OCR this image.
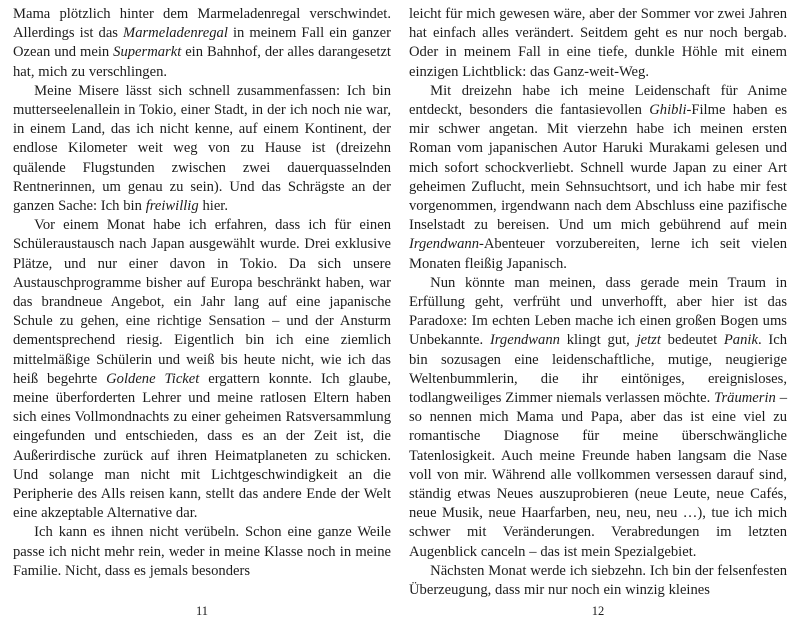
Mama plötzlich hinter dem Marmeladenregal verschwindet. Allerdings ist das Marmeladenregal in meinem Fall ein ganzer Ozean und mein Supermarkt ein Bahnhof, der alles darangesetzt hat, mich zu verschlingen.

Meine Misere lässt sich schnell zusammenfassen: Ich bin mutterseelenallein in Tokio, einer Stadt, in der ich noch nie war, in einem Land, das ich nicht kenne, auf einem Kontinent, der endlose Kilometer weit weg von zu Hause ist (dreizehn quälende Flugstunden zwischen zwei dauerquasselnden Rentnerinnen, um genau zu sein). Und das Schrägste an der ganzen Sache: Ich bin freiwillig hier.

Vor einem Monat habe ich erfahren, dass ich für einen Schüleraustausch nach Japan ausgewählt wurde. Drei exklusive Plätze, und nur einer davon in Tokio. Da sich unsere Austauschprogramme bisher auf Europa beschränkt haben, war das brandneue Angebot, ein Jahr lang auf eine japanische Schule zu gehen, eine richtige Sensation – und der Ansturm dementsprechend riesig. Eigentlich bin ich eine ziemlich mittelmäßige Schülerin und weiß bis heute nicht, wie ich das heiß begehrte Goldene Ticket ergattern konnte. Ich glaube, meine überforderten Lehrer und meine ratlosen Eltern haben sich eines Vollmondnachts zu einer geheimen Ratsversammlung eingefunden und entschieden, dass es an der Zeit ist, die Außerirdische zurück auf ihren Heimatplaneten zu schicken. Und solange man nicht mit Lichtgeschwindigkeit an die Peripherie des Alls reisen kann, stellt das andere Ende der Welt eine akzeptable Alternative dar.

Ich kann es ihnen nicht verübeln. Schon eine ganze Weile passe ich nicht mehr rein, weder in meine Klasse noch in meine Familie. Nicht, dass es jemals besonders

11

leicht für mich gewesen wäre, aber der Sommer vor zwei Jahren hat einfach alles verändert. Seitdem geht es nur noch bergab. Oder in meinem Fall in eine tiefe, dunkle Höhle mit einem einzigen Lichtblick: das Ganz-weit-Weg.

Mit dreizehn habe ich meine Leidenschaft für Anime entdeckt, besonders die fantasievollen Ghibli-Filme haben es mir schwer angetan. Mit vierzehn habe ich meinen ersten Roman vom japanischen Autor Haruki Murakami gelesen und mich sofort schockverliebt. Schnell wurde Japan zu einer Art geheimen Zuflucht, mein Sehnsuchtsort, und ich habe mir fest vorgenommen, irgendwann nach dem Abschluss eine pazifische Inselstadt zu bereisen. Und um mich gebührend auf mein Irgendwann-Abenteuer vorzubereiten, lerne ich seit vielen Monaten fleißig Japanisch.

Nun könnte man meinen, dass gerade mein Traum in Erfüllung geht, verfrüht und unverhofft, aber hier ist das Paradoxe: Im echten Leben mache ich einen großen Bogen ums Unbekannte. Irgendwann klingt gut, jetzt bedeutet Panik. Ich bin sozusagen eine leidenschaftliche, mutige, neugierige Weltenbummlerin, die ihr eintöniges, ereignisloses, todlangweiliges Zimmer niemals verlassen möchte. Träumerin – so nennen mich Mama und Papa, aber das ist eine viel zu romantische Diagnose für meine überschwängliche Tatenlosigkeit. Auch meine Freunde haben langsam die Nase voll von mir. Während alle vollkommen versessen darauf sind, ständig etwas Neues auszuprobieren (neue Leute, neue Cafés, neue Musik, neue Haarfarben, neu, neu, neu …), tue ich mich schwer mit Veränderungen. Verabredungen im letzten Augenblick canceln – das ist mein Spezialgebiet.

Nächsten Monat werde ich siebzehn. Ich bin der felsenfesten Überzeugung, dass mir nur noch ein winzig kleines

12
